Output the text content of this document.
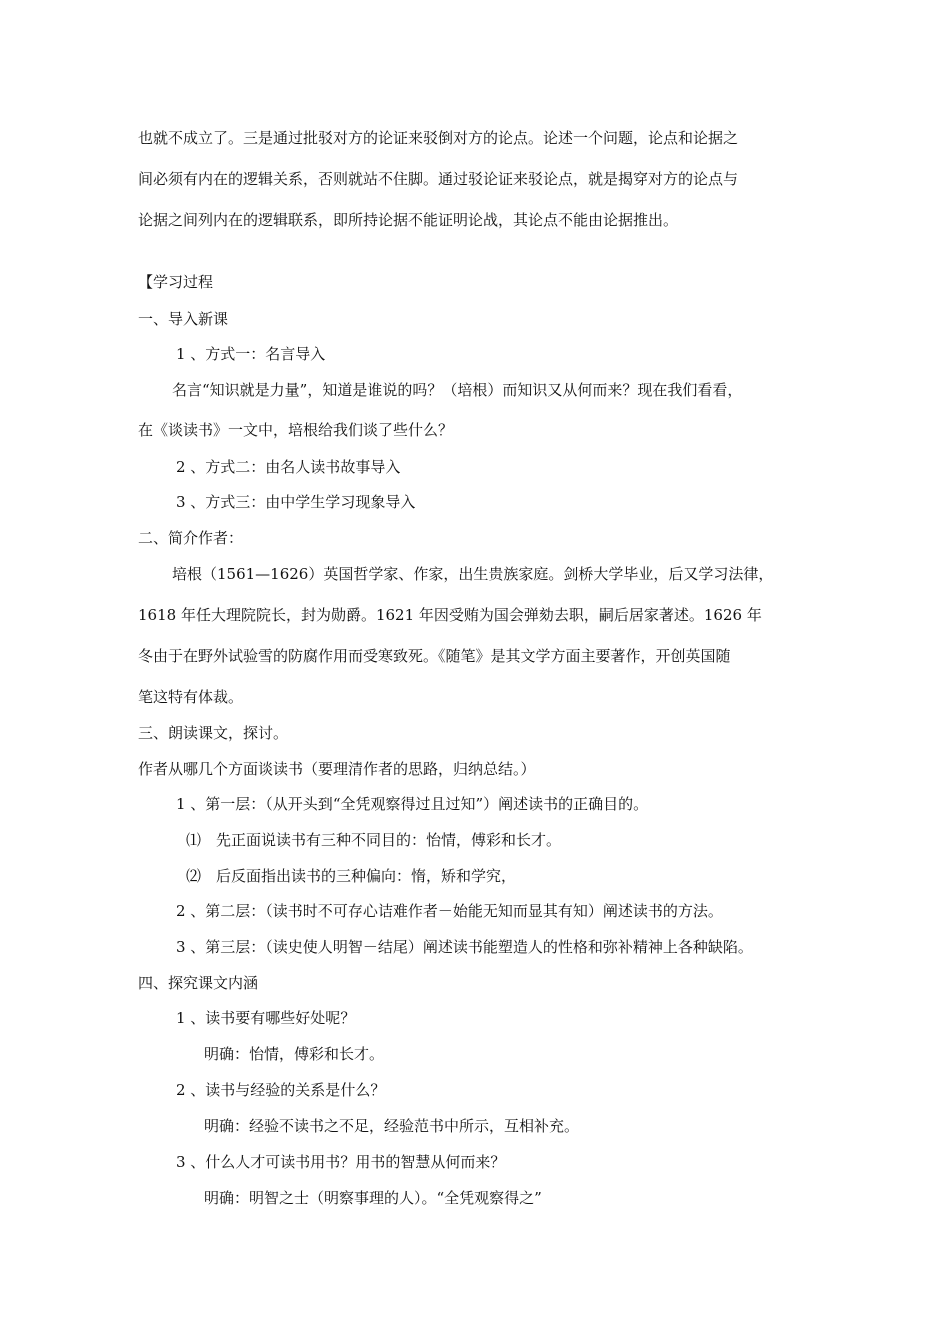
也就不成立了。三是通过批驳对方的论证来驳倒对方的论点。论述一个问题，论点和论据之
间必须有内在的逻辑关系，否则就站不住脚。通过驳论证来驳论点，就是揭穿对方的论点与
论据之间列内在的逻辑联系，即所持论据不能证明论战，其论点不能由论据推出。
【学习过程
一、导入新课
1 、方式一：名言导入
名言“知识就是力量”，知道是谁说的吗？（培根）而知识又从何而来？现在我们看看，
在《谈读书》一文中，培根给我们谈了些什么？
2 、方式二：由名人读书故事导入
3 、方式三：由中学生学习现象导入
二、简介作者：
培根（1561—1626）英国哲学家、作家，出生贵族家庭。剑桥大学毕业，后又学习法律，
1618 年任大理院院长，封为勋爵。1621 年因受贿为国会弹劾去职，嗣后居家著述。1626 年
冬由于在野外试验雪的防腐作用而受寒致死。《随笔》是其文学方面主要著作，开创英国随
笔这特有体裁。
三、朗读课文，探讨。
作者从哪几个方面谈读书（要理清作者的思路，归纳总结。）
1 、第一层：（从开头到“全凭观察得过且过知”）阐述读书的正确目的。
⑴　先正面说读书有三种不同目的：怡情，傅彩和长才。
⑵　后反面指出读书的三种偏向：惰，矫和学究，
2 、第二层：（读书时不可存心诘难作者－始能无知而显其有知）阐述读书的方法。
3 、第三层：（读史使人明智－结尾）阐述读书能塑造人的性格和弥补精神上各种缺陷。
四、探究课文内涵
1 、读书要有哪些好处呢？
明确：怡情，傅彩和长才。
2 、读书与经验的关系是什么？
明确：经验不读书之不足，经验范书中所示，互相补充。
3 、什么人才可读书用书？用书的智慧从何而来？
明确：明智之士（明察事理的人）。“全凭观察得之”
